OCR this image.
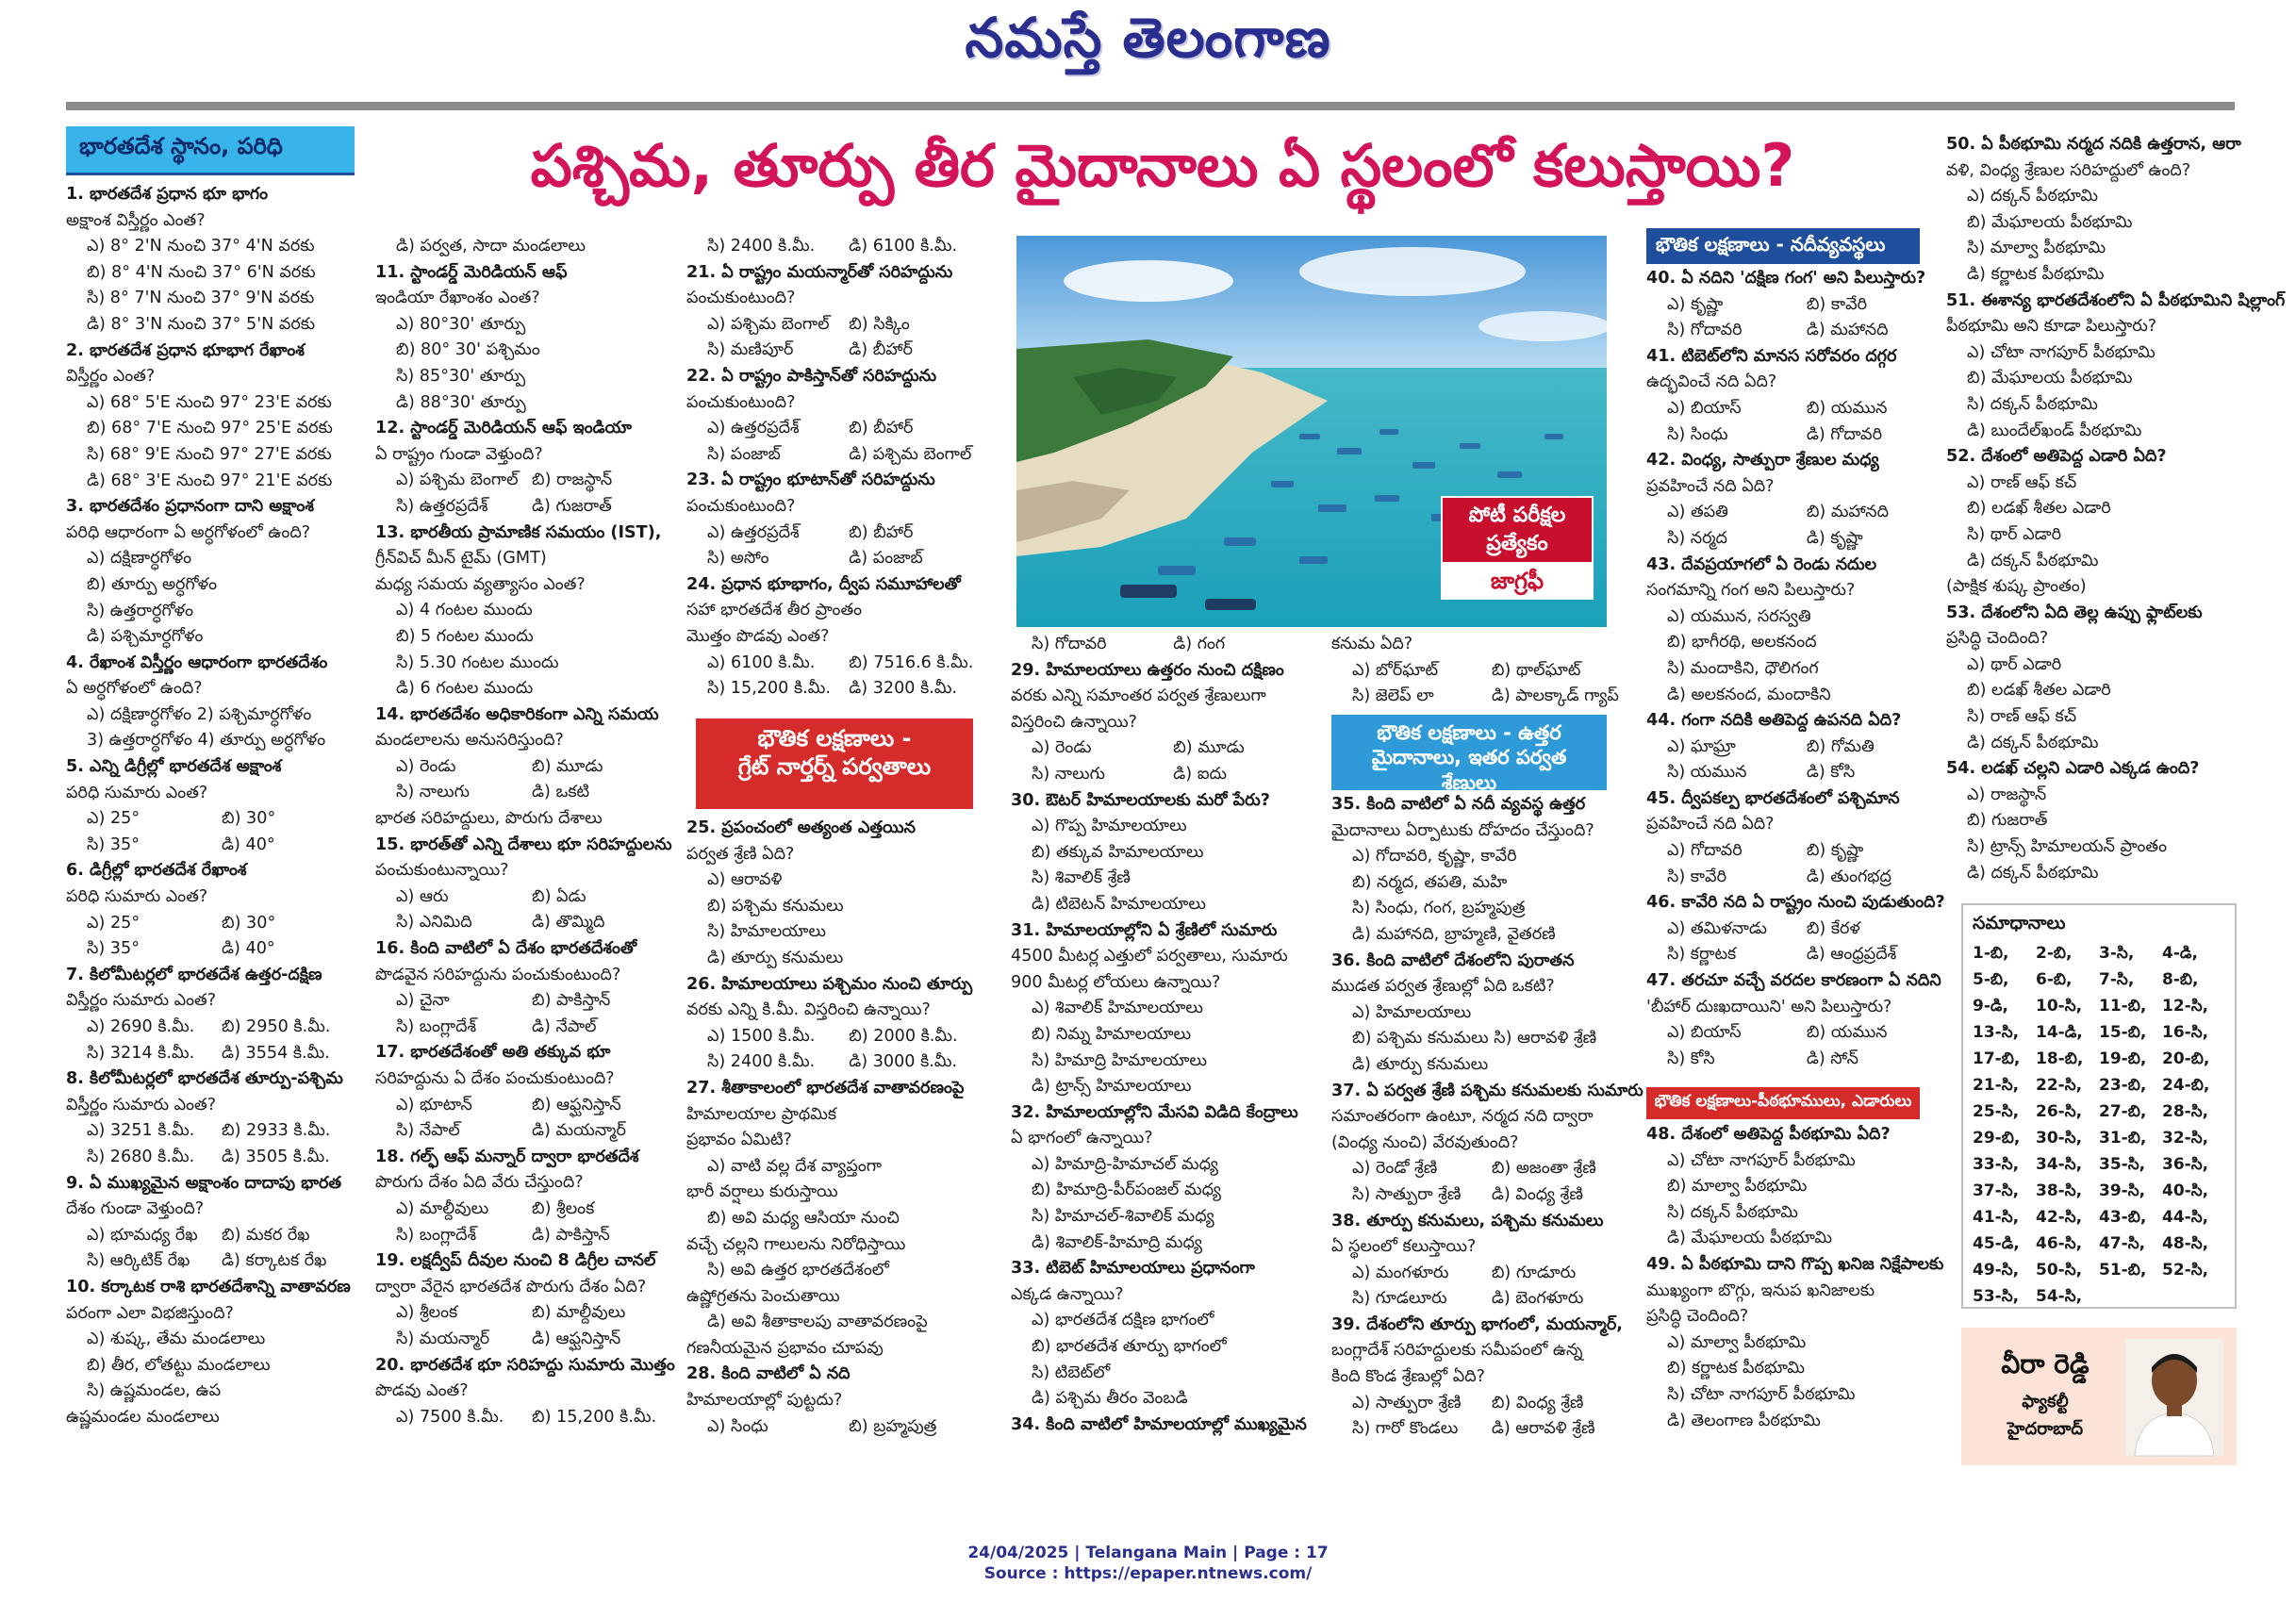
నమస్తే తెలంగాణ
పశ్చిమ, తూర్పు తీర మైదానాలు ఏ స్థలంలో కలుస్తాయి?
భారతదేశ స్థానం, పరిధి
భౌతిక లక్షణాలు -
గ్రేట్ నార్తర్న్ పర్వతాలు
భౌతిక లక్షణాలు - నదీవ్యవస్థలు
భౌతిక లక్షణాలు - ఉత్తర
మైదానాలు, ఇతర పర్వత శ్రేణులు
భౌతిక లక్షణాలు-పీఠభూములు, ఎడారులు
1. భారతదేశ ప్రధాన భూ భాగం
అక్షాంశ విస్తీర్ణం ఎంత?
ఎ) 8° 2'N నుంచి 37° 4'N వరకు
బి) 8° 4'N నుంచి 37° 6'N వరకు
సి) 8° 7'N నుంచి 37° 9'N వరకు
డి) 8° 3'N నుంచి 37° 5'N వరకు
2. భారతదేశ ప్రధాన భూభాగ రేఖాంశ
విస్తీర్ణం ఎంత?
ఎ) 68° 5'E నుంచి 97° 23'E వరకు
బి) 68° 7'E నుంచి 97° 25'E వరకు
సి) 68° 9'E నుంచి 97° 27'E వరకు
డి) 68° 3'E నుంచి 97° 21'E వరకు
3. భారతదేశం ప్రధానంగా దాని అక్షాంశ
పరిధి ఆధారంగా ఏ అర్ధగోళంలో ఉంది?
ఎ) దక్షిణార్ధగోళం
బి) తూర్పు అర్ధగోళం
సి) ఉత్తరార్ధగోళం
డి) పశ్చిమార్ధగోళం
4. రేఖాంశ విస్తీర్ణం ఆధారంగా భారతదేశం
ఏ అర్ధగోళంలో ఉంది?
ఎ) దక్షిణార్ధగోళం 2) పశ్చిమార్ధగోళం
3) ఉత్తరార్ధగోళం 4) తూర్పు అర్ధగోళం
5. ఎన్ని డిగ్రీల్లో భారతదేశ అక్షాంశ
పరిధి సుమారు ఎంత?
ఎ) 25°	బి) 30°
సి) 35°	డి) 40°
6. డిగ్రీల్లో భారతదేశ రేఖాంశ
పరిధి సుమారు ఎంత?
ఎ) 25°	బి) 30°
సి) 35°	డి) 40°
7. కిలోమీటర్లలో భారతదేశ ఉత్తర-దక్షిణ
విస్తీర్ణం సుమారు ఎంత?
ఎ) 2690 కి.మీ.	బి) 2950 కి.మీ.
సి) 3214 కి.మీ.	డి) 3554 కి.మీ.
8. కిలోమీటర్లలో భారతదేశ తూర్పు-పశ్చిమ
విస్తీర్ణం సుమారు ఎంత?
ఎ) 3251 కి.మీ.	బి) 2933 కి.మీ.
సి) 2680 కి.మీ.	డి) 3505 కి.మీ.
9. ఏ ముఖ్యమైన అక్షాంశం దాదాపు భారత
దేశం గుండా వెళ్తుంది?
ఎ) భూమధ్య రేఖ	బి) మకర రేఖ
సి) ఆర్కిటిక్ రేఖ	డి) కర్కాటక రేఖ
10. కర్కాటక రాశి భారతదేశాన్ని వాతావరణ
పరంగా ఎలా విభజిస్తుంది?
ఎ) శుష్క, తేమ మండలాలు
బి) తీర, లోతట్టు మండలాలు
సి) ఉష్ణమండల, ఉప
ఉష్ణమండల మండలాలు
డి) పర్వత, సాదా మండలాలు
11. స్టాండర్డ్ మెరిడియన్ ఆఫ్
ఇండియా రేఖాంశం ఎంత?
ఎ) 80°30' తూర్పు
బి) 80° 30' పశ్చిమం
సి) 85°30' తూర్పు
డి) 88°30' తూర్పు
12. స్టాండర్డ్ మెరిడియన్ ఆఫ్ ఇండియా
ఏ రాష్ట్రం గుండా వెళ్తుంది?
ఎ) పశ్చిమ బెంగాల్ బి) రాజస్థాన్
సి) ఉత్తరప్రదేశ్	డి) గుజరాత్
13. భారతీయ ప్రామాణిక సమయం (IST),
గ్రీన్‌విచ్ మీన్ టైమ్ (GMT)
మధ్య సమయ వ్యత్యాసం ఎంత?
ఎ) 4 గంటల ముందు
బి) 5 గంటల ముందు
సి) 5.30 గంటల ముందు
డి) 6 గంటల ముందు
14. భారతదేశం అధికారికంగా ఎన్ని సమయ
మండలాలను అనుసరిస్తుంది?
ఎ) రెండు	బి) మూడు
సి) నాలుగు	డి) ఒకటి
భారత సరిహద్దులు, పొరుగు దేశాలు
15. భారత్‌తో ఎన్ని దేశాలు భూ సరిహద్దులను
పంచుకుంటున్నాయి?
ఎ) ఆరు	బి) ఏడు
సి) ఎనిమిది	డి) తొమ్మిది
16. కింది వాటిలో ఏ దేశం భారతదేశంతో
పొడవైన సరిహద్దును పంచుకుంటుంది?
ఎ) చైనా	బి) పాకిస్తాన్
సి) బంగ్లాదేశ్	డి) నేపాల్
17. భారతదేశంతో అతి తక్కువ భూ
సరిహద్దును ఏ దేశం పంచుకుంటుంది?
ఎ) భూటాన్	బి) ఆఫ్ఘనిస్తాన్
సి) నేపాల్	డి) మయన్మార్
18. గల్ఫ్ ఆఫ్ మన్నార్ ద్వారా భారతదేశ
పొరుగు దేశం ఏది వేరు చేస్తుంది?
ఎ) మాల్దీవులు	బి) శ్రీలంక
సి) బంగ్లాదేశ్	డి) పాకిస్తాన్
19. లక్షద్వీప్ దీవుల నుంచి 8 డిగ్రీల చానల్
ద్వారా వేరైన భారతదేశ పొరుగు దేశం ఏది?
ఎ) శ్రీలంక	బి) మాల్దీవులు
సి) మయన్మార్	డి) ఆఫ్ఘనిస్తాన్
20. భారతదేశ భూ సరిహద్దు సుమారు మొత్తం
పొడవు ఎంత?
ఎ) 7500 కి.మీ.	బి) 15,200 కి.మీ.
సి) 2400 కి.మీ.	డి) 6100 కి.మీ.
21. ఏ రాష్ట్రం మయన్మార్‌తో సరిహద్దును
పంచుకుంటుంది?
ఎ) పశ్చిమ బెంగాల్	బి) సిక్కిం
సి) మణిపూర్	డి) బీహార్
22. ఏ రాష్ట్రం పాకిస్తాన్‌తో సరిహద్దును
పంచుకుంటుంది?
ఎ) ఉత్తరప్రదేశ్	బి) బీహార్
సి) పంజాబ్	డి) పశ్చిమ బెంగాల్
23. ఏ రాష్ట్రం భూటాన్‌తో సరిహద్దును
పంచుకుంటుంది?
ఎ) ఉత్తరప్రదేశ్	బి) బీహార్
సి) అసోం	డి) పంజాబ్
24. ప్రధాన భూభాగం, ద్వీప సమూహాలతో
సహా భారతదేశ తీర ప్రాంతం
మొత్తం పొడవు ఎంత?
ఎ) 6100 కి.మీ.	బి) 7516.6 కి.మీ.
సి) 15,200 కి.మీ.	డి) 3200 కి.మీ.
25. ప్రపంచంలో అత్యంత ఎత్తయిన
పర్వత శ్రేణి ఏది?
ఎ) ఆరావళి
బి) పశ్చిమ కనుమలు
సి) హిమాలయాలు
డి) తూర్పు కనుమలు
26. హిమాలయాలు పశ్చిమం నుంచి తూర్పు
వరకు ఎన్ని కి.మీ. విస్తరించి ఉన్నాయి?
ఎ) 1500 కి.మీ.	బి) 2000 కి.మీ.
సి) 2400 కి.మీ.	డి) 3000 కి.మీ.
27. శీతాకాలంలో భారతదేశ వాతావరణంపై
హిమాలయాల ప్రాథమిక
ప్రభావం ఏమిటి?
ఎ) వాటి వల్ల దేశ వ్యాప్తంగా
భారీ వర్షాలు కురుస్తాయి
బి) అవి మధ్య ఆసియా నుంచి
వచ్చే చల్లని గాలులను నిరోధిస్తాయి
సి) అవి ఉత్తర భారతదేశంలో
ఉష్ణోగ్రతను పెంచుతాయి
డి) అవి శీతాకాలపు వాతావరణంపై
గణనీయమైన ప్రభావం చూపవు
28. కింది వాటిలో ఏ నది
హిమాలయాల్లో పుట్టదు?
ఎ) సింధు	బి) బ్రహ్మపుత్ర
సి) గోదావరి	డి) గంగ
29. హిమాలయాలు ఉత్తరం నుంచి దక్షిణం
వరకు ఎన్ని సమాంతర పర్వత శ్రేణులుగా
విస్తరించి ఉన్నాయి?
ఎ) రెండు	బి) మూడు
సి) నాలుగు	డి) ఐదు
30. ఔటర్ హిమాలయాలకు మరో పేరు?
ఎ) గొప్ప హిమాలయాలు
బి) తక్కువ హిమాలయాలు
సి) శివాలిక్ శ్రేణి
డి) టిబెటన్ హిమాలయాలు
31. హిమాలయాల్లోని ఏ శ్రేణిలో సుమారు
4500 మీటర్ల ఎత్తులో పర్వతాలు, సుమారు
900 మీటర్ల లోయలు ఉన్నాయి?
ఎ) శివాలిక్ హిమాలయాలు
బి) నిమ్న హిమాలయాలు
సి) హిమాద్రి హిమాలయాలు
డి) ట్రాన్స్ హిమాలయాలు
32. హిమాలయాల్లోని మేసవి విడిది కేంద్రాలు
ఏ భాగంలో ఉన్నాయి?
ఎ) హిమాద్రి-హిమాచల్ మధ్య
బి) హిమాద్రి-పీర్‌పంజల్ మధ్య
సి) హిమాచల్-శివాలిక్ మధ్య
డి) శివాలిక్-హిమాద్రి మధ్య
33. టిబెట్ హిమాలయాలు ప్రధానంగా
ఎక్కడ ఉన్నాయి?
ఎ) భారతదేశ దక్షిణ భాగంలో
బి) భారతదేశ తూర్పు భాగంలో
సి) టిబెట్‌లో
డి) పశ్చిమ తీరం వెంబడి
34. కింది వాటిలో హిమాలయాల్లో ముఖ్యమైన
కనుమ ఏది?
ఎ) బోర్‌ఘాట్	బి) థాల్‌ఘాట్
సి) జెలెప్ లా	డి) పాలక్కాడ్ గ్యాప్
35. కింది వాటిలో ఏ నదీ వ్యవస్థ ఉత్తర
మైదానాలు ఏర్పాటుకు దోహదం చేస్తుంది?
ఎ) గోదావరి, కృష్ణా, కావేరి
బి) నర్మద, తపతి, మహి
సి) సింధు, గంగ, బ్రహ్మపుత్ర
డి) మహానది, బ్రాహ్మణి, వైతరణి
36. కింది వాటిలో దేశంలోని పురాతన
ముడత పర్వత శ్రేణుల్లో ఏది ఒకటి?
ఎ) హిమాలయాలు
బి) పశ్చిమ కనుమలు సి) ఆరావళి శ్రేణి
డి) తూర్పు కనుమలు
37. ఏ పర్వత శ్రేణి పశ్చిమ కనుమలకు సుమారు
సమాంతరంగా ఉంటూ, నర్మద నది ద్వారా
(వింధ్య నుంచి) వేరవుతుంది?
ఎ) రెండో శ్రేణి	బి) అజంతా శ్రేణి
సి) సాత్పురా శ్రేణి	డి) వింధ్య శ్రేణి
38. తూర్పు కనుమలు, పశ్చిమ కనుమలు
ఏ స్థలంలో కలుస్తాయి?
ఎ) మంగళూరు	బి) గూడూరు
సి) గూడలూరు	డి) బెంగళూరు
39. దేశంలోని తూర్పు భాగంలో, మయన్మార్,
బంగ్లాదేశ్ సరిహద్దులకు సమీపంలో ఉన్న
కింది కొండ శ్రేణుల్లో ఏది?
ఎ) సాత్పురా శ్రేణి	బి) వింధ్య శ్రేణి
సి) గారో కొండలు	డి) ఆరావళి శ్రేణి
40. ఏ నదిని 'దక్షిణ గంగ' అని పిలుస్తారు?
ఎ) కృష్ణా	బి) కావేరి
సి) గోదావరి	డి) మహానది
41. టిబెట్‌లోని మానస సరోవరం దగ్గర
ఉద్భవించే నది ఏది?
ఎ) బియాస్	బి) యమున
సి) సింధు	డి) గోదావరి
42. వింధ్య, సాత్పురా శ్రేణుల మధ్య
ప్రవహించే నది ఏది?
ఎ) తపతి	బి) మహానది
సి) నర్మద	డి) కృష్ణా
43. దేవప్రయాగలో ఏ రెండు నదుల
సంగమాన్ని గంగ అని పిలుస్తారు?
ఎ) యమున, సరస్వతి
బి) భాగీరథి, అలకనంద
సి) మందాకిని, ధౌలిగంగ
డి) అలకనంద, మందాకిని
44. గంగా నదికి అతిపెద్ద ఉపనది ఏది?
ఎ) ఘాఘ్రా	బి) గోమతి
సి) యమున	డి) కోసి
45. ద్వీపకల్ప భారతదేశంలో పశ్చిమాన
ప్రవహించే నది ఏది?
ఎ) గోదావరి	బి) కృష్ణా
సి) కావేరి	డి) తుంగభద్ర
46. కావేరి నది ఏ రాష్ట్రం నుంచి పుడుతుంది?
ఎ) తమిళనాడు	బి) కేరళ
సి) కర్ణాటక	డి) ఆంధ్రప్రదేశ్
47. తరచూ వచ్చే వరదల కారణంగా ఏ నదిని
'బీహార్ దుఃఖదాయిని' అని పిలుస్తారు?
ఎ) బియాస్	బి) యమున
సి) కోసి	డి) సోన్
48. దేశంలో అతిపెద్ద పీఠభూమి ఏది?
ఎ) చోటా నాగపూర్ పీఠభూమి
బి) మాల్వా పీఠభూమి
సి) దక్కన్ పీఠభూమి
డి) మేఘాలయ పీఠభూమి
49. ఏ పీఠభూమి దాని గొప్ప ఖనిజ నిక్షేపాలకు
ముఖ్యంగా బొగ్గు, ఇనుప ఖనిజాలకు
ప్రసిద్ధి చెందింది?
ఎ) మాల్వా పీఠభూమి
బి) కర్ణాటక పీఠభూమి
సి) చోటా నాగపూర్ పీఠభూమి
డి) తెలంగాణ పీఠభూమి
50. ఏ పీఠభూమి నర్మద నదికి ఉత్తరాన, ఆరా
వళి, వింధ్య శ్రేణుల సరిహద్దులో ఉంది?
ఎ) దక్కన్ పీఠభూమి
బి) మేఘాలయ పీఠభూమి
సి) మాల్వా పీఠభూమి
డి) కర్ణాటక పీఠభూమి
51. ఈశాన్య భారతదేశంలోని ఏ పీఠభూమిని షిల్లాంగ్
పీఠభూమి అని కూడా పిలుస్తారు?
ఎ) చోటా నాగపూర్ పీఠభూమి
బి) మేఘాలయ పీఠభూమి
సి) దక్కన్ పీఠభూమి
డి) బుందేల్‌ఖండ్ పీఠభూమి
52. దేశంలో అతిపెద్ద ఎడారి ఏది?
ఎ) రాణ్ ఆఫ్ కచ్
బి) లడఖ్ శీతల ఎడారి
సి) థార్ ఎడారి
డి) దక్కన్ పీఠభూమి
(పాక్షిక శుష్క ప్రాంతం)
53. దేశంలోని ఏది తెల్ల ఉప్పు ఫ్లాట్‌లకు
ప్రసిద్ధి చెందింది?
ఎ) థార్ ఎడారి
బి) లడఖ్ శీతల ఎడారి
సి) రాణ్ ఆఫ్ కచ్
డి) దక్కన్ పీఠభూమి
54. లడఖ్ చల్లని ఎడారి ఎక్కడ ఉంది?
ఎ) రాజస్థాన్
బి) గుజరాత్
సి) ట్రాన్స్ హిమాలయన్ ప్రాంతం
డి) దక్కన్ పీఠభూమి
పోటీ పరీక్షల
ప్రత్యేకం
జాగ్రఫీ
సమాధానాలు
1-బి,	2-బి,	3-సి,	4-డి,
5-బి,	6-బి,	7-సి,	8-బి,
9-డి,	10-సి,	11-బి, 12-సి,
13-సి,	14-డి,	15-బి, 16-సి,
17-బి, 18-బి, 19-బి, 20-బి,
21-సి,	22-సి,	23-బి, 24-బి,
25-సి,	26-సి,	27-బి, 28-సి,
29-బి, 30-సి,	31-బి, 32-సి,
33-సి,	34-సి,	35-సి,	36-సి,
37-సి,	38-సి,	39-సి,	40-సి,
41-సి,	42-సి,	43-బి, 44-సి,
45-డి,	46-సి,	47-సి,	48-సి,
49-సి,	50-సి,	51-బి, 52-సి,
53-సి,	54-సి,
వీరా రెడ్డి
ఫ్యాకల్టీ
హైదరాబాద్
24/04/2025 | Telangana Main | Page : 17
Source : https://epaper.ntnews.com/
